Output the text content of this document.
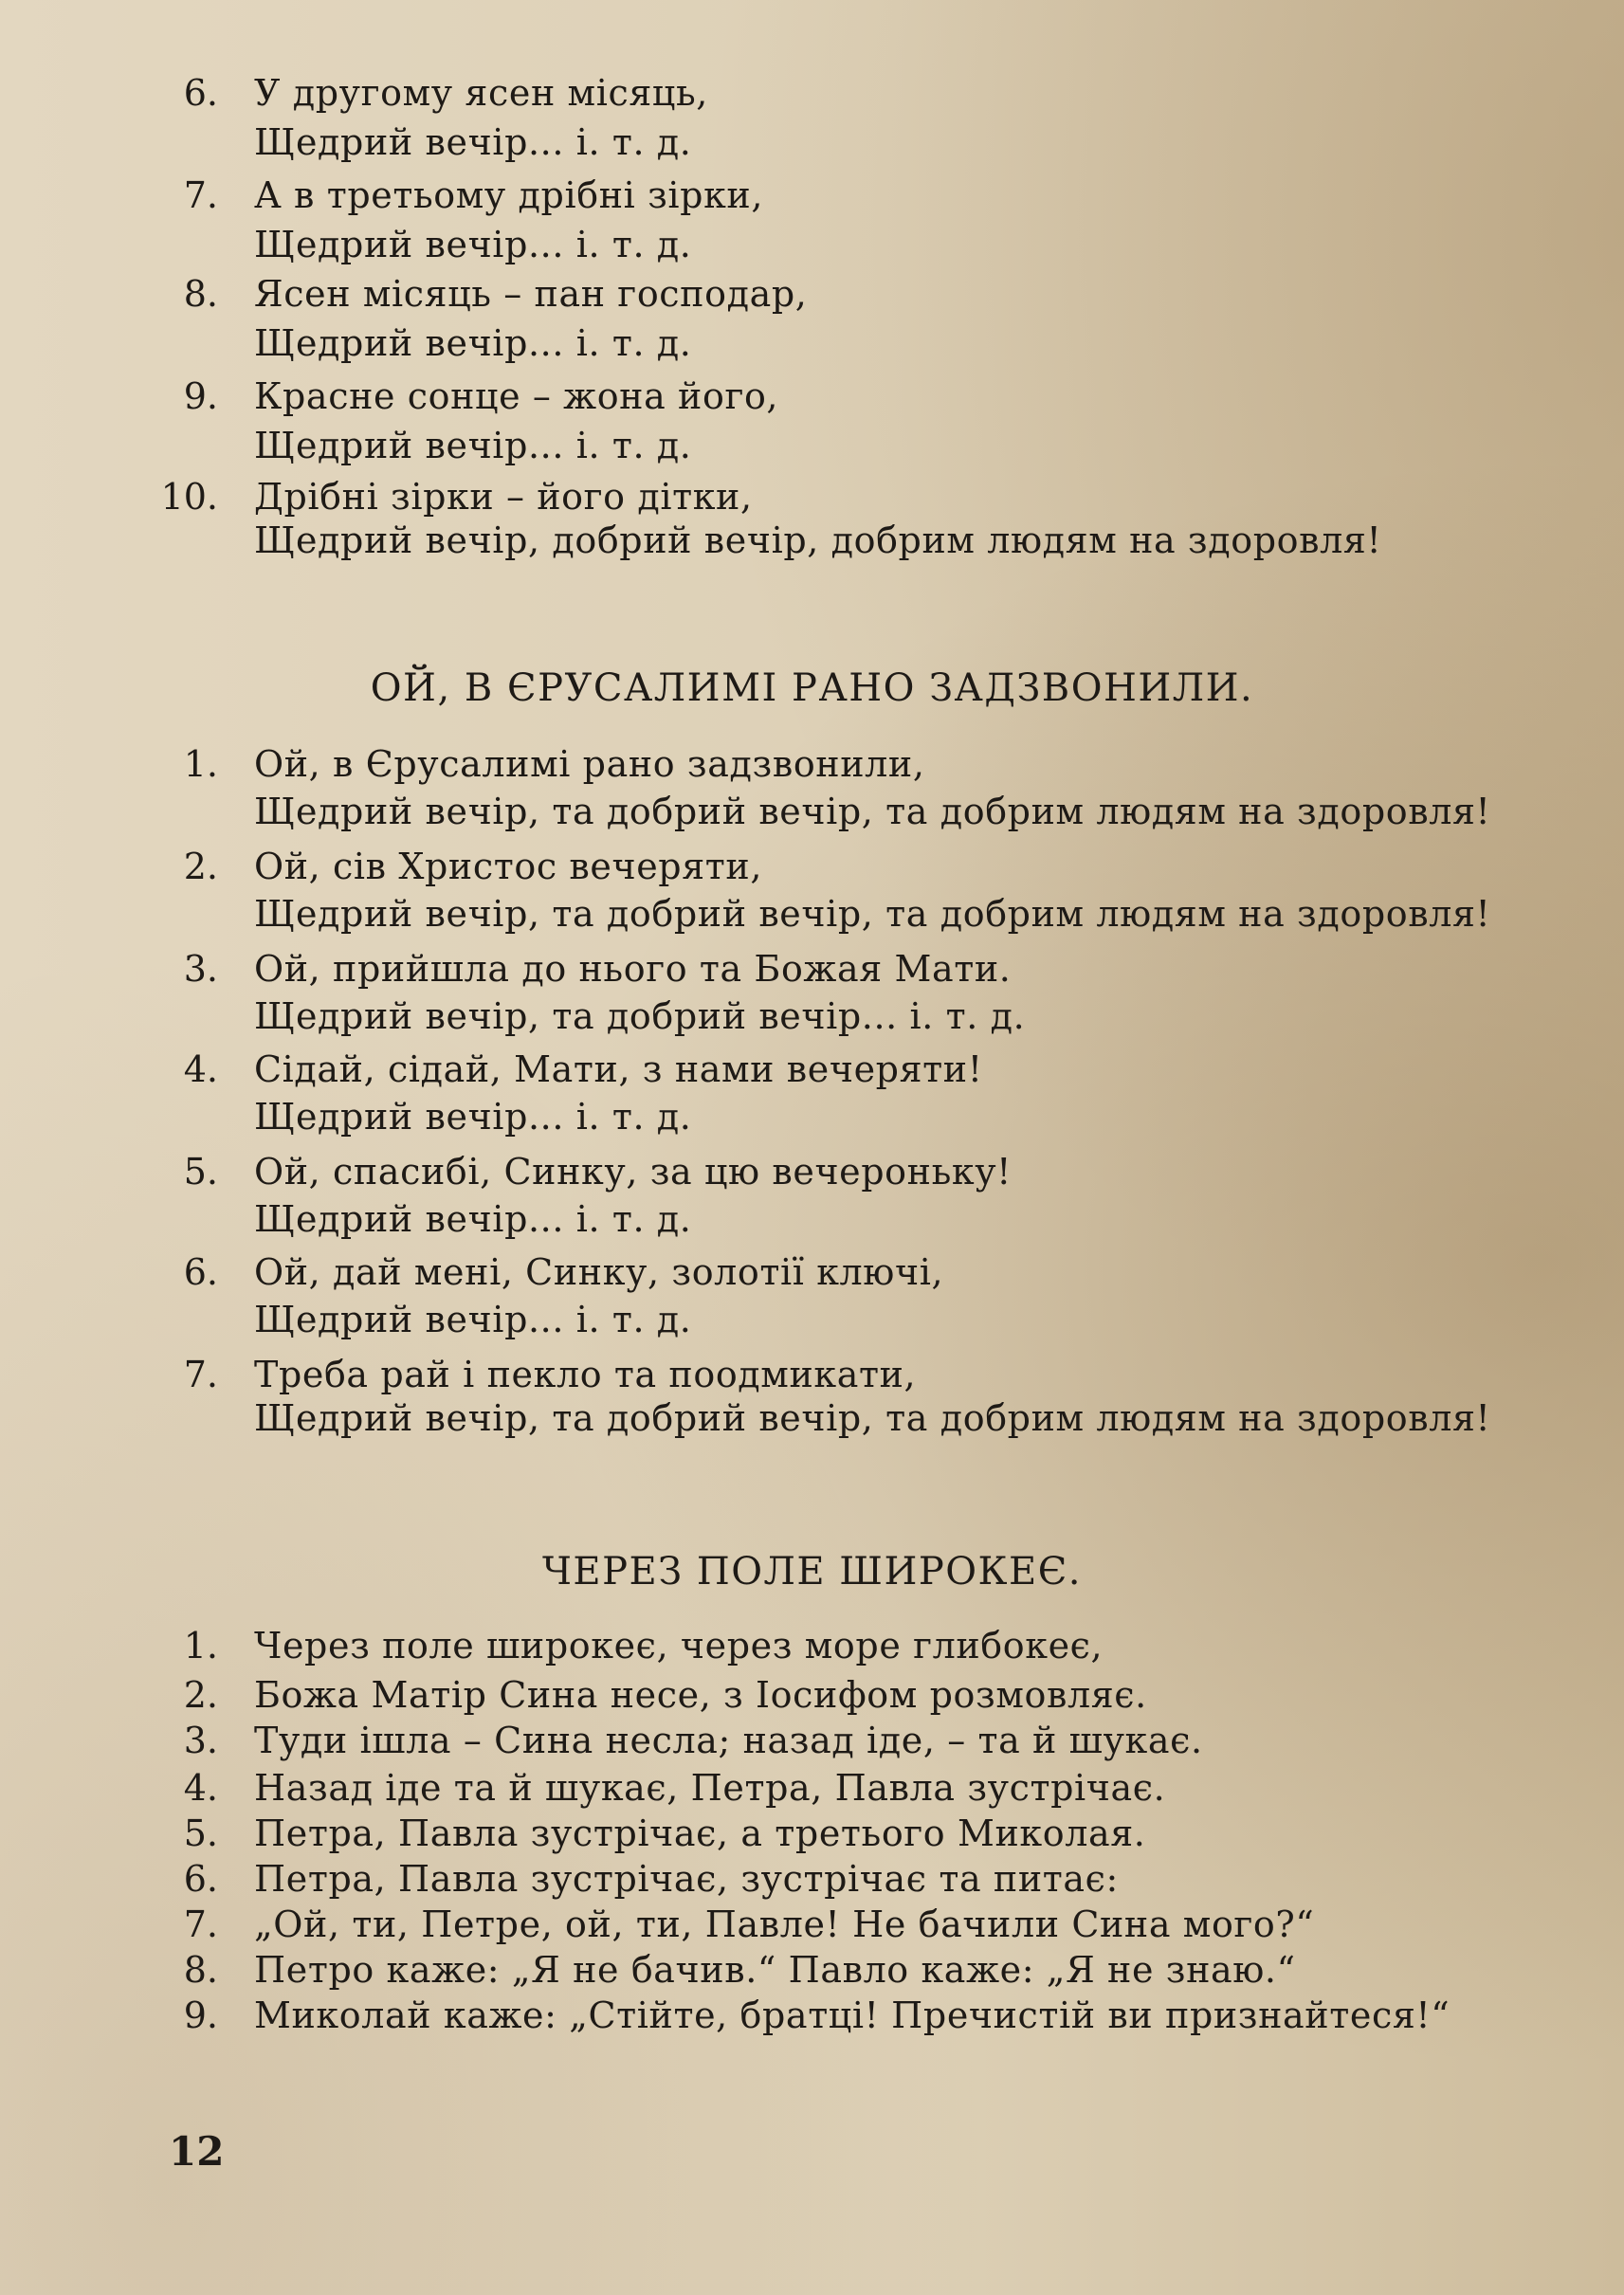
6. У другому ясен місяць,
Щедрий вечір... і. т. д.
7. А в третьому дрібні зірки,
Щедрий вечір... і. т. д.
8. Ясен місяць – пан господар,
Щедрий вечір... і. т. д.
9. Красне сонце – жона його,
Щедрий вечір... і. т. д.
10. Дрібні зірки – його дітки,
Щедрий вечір, добрий вечір, добрим людям на здоровля!
ОЙ, В ЄРУСАЛИМІ РАНО ЗАДЗВОНИЛИ.
1. Ой, в Єрусалимі рано задзвонили,
Щедрий вечір, та добрий вечір, та добрим людям на здоровля!
2. Ой, сів Христос вечеряти,
Щедрий вечір, та добрий вечір, та добрим людям на здоровля!
3. Ой, прийшла до нього та Божая Мати.
Щедрий вечір, та добрий вечір... і. т. д.
4. Сідай, сідай, Мати, з нами вечеряти!
Щедрий вечір... і. т. д.
5. Ой, спасибі, Синку, за цю вечероньку!
Щедрий вечір... і. т. д.
6. Ой, дай мені, Синку, золотії ключі,
Щедрий вечір... і. т. д.
7. Треба рай і пекло та поодмикати,
Щедрий вечір, та добрий вечір, та добрим людям на здоровля!
ЧЕРЕЗ ПОЛЕ ШИРОКЕЄ.
1. Через поле широкеє, через море глибокеє,
2. Божа Матір Сина несе, з Іосифом розмовляє.
3. Туди ішла – Сина несла; назад іде, – та й шукає.
4. Назад іде та й шукає, Петра, Павла зустрічає.
5. Петра, Павла зустрічає, а третього Миколая.
6. Петра, Павла зустрічає, зустрічає та питає:
7. „Ой, ти, Петре, ой, ти, Павле! Не бачили Сина мого?“
8. Петро каже: „Я не бачив.“ Павло каже: „Я не знаю.“
9. Миколай каже: „Стійте, братці! Пречистій ви признайтеся!“
12
